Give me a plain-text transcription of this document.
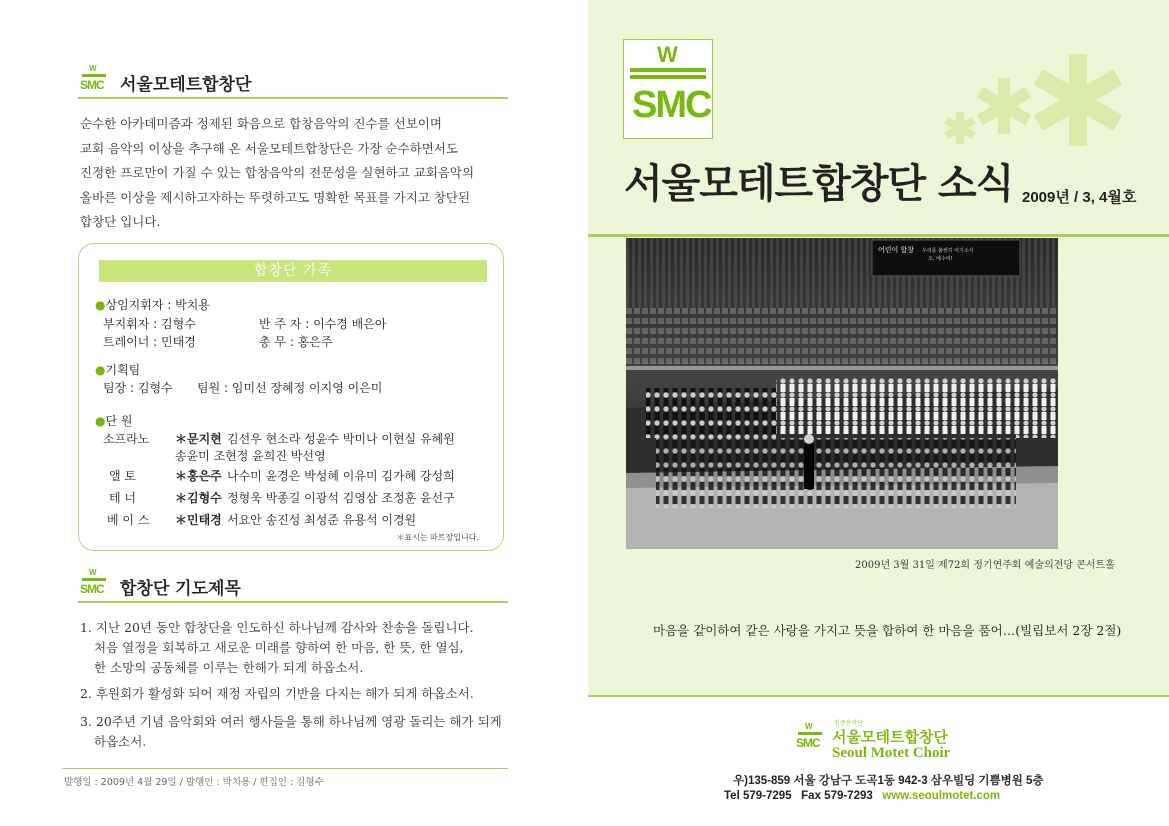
W
SMC 서울모테트합창단
순수한 아카데미즘과 정제된 화음으로 합창음악의 진수를 선보이며
교회 음악의 이상을 추구해 온 서울모테트합창단은 가장 순수하면서도
진정한 프로만이 가질 수 있는 합창음악의 전문성을 실현하고 교회음악의
올바른 이상을 제시하고자하는 뚜렷하고도 명확한 목표를 가지고 창단된
합창단 입니다.
합창단 가족
●상임지휘자 : 박치용
부지휘자 : 김형수	반 주 자 : 이수경 배은아
트레이너 : 민태경	총 무 : 홍은주
●기획팀
팀장 : 김형수 팀원 : 임미선 장혜정 이지영 이은미
●단 원
소프라노 ＊문지현 김선우 현소라 성윤수 박미나 이현실 유혜원
송윤미 조현정 윤희진 박선영
앨 토	＊홍은주 나수미 윤경은 박성혜 이유미 김가혜 강성희
테 너	＊김형수 정형욱 박종길 이광석 김영삼 조정훈 윤선구
베 이 스 ＊민태경 서요안 송진성 최성준 유용석 이경원
＊표시는 파트장입니다.
W
SMC 합창단 기도제목
1. 지난 20년 동안 합창단을 인도하신 하나님께 감사와 찬송을 돌립니다.
처음 열정을 회복하고 새로운 미래를 향하여 한 마음, 한 뜻, 한 열심,
한 소망의 공동체를 이루는 한해가 되게 하옵소서.
2. 후원회가 활성화 되어 재정 자립의 기반을 다지는 해가 되게 하옵소서.
3. 20주년 기념 음악회와 여러 행사들을 통해 하나님께 영광 돌리는 해가 되게
하옵소서.
발행일 : 2009년 4월 29일 / 발행인 : 박치용 / 편집인 : 김형수
W
SMC
서울모테트합창단 소식 2009년 / 3, 4월호
어린이 합창 우리를 불쌍히 여기소서
오, 예수여!
2009년 3월 31일 제72회 정기연주회 예술의전당 콘서트홀
마음을 같이하여 같은 사랑을 가지고 뜻을 합하여 한 마음을 품어…(빌립보서 2장 2절)
W
SMC
인증음악단
서울모테트합창단
Seoul Motet Choir
우)135-859 서울 강남구 도곡1동 942-3 삼우빌딩 기쁨병원 5층
Tel 579-7295 Fax 579-7293 www.seoulmotet.com
